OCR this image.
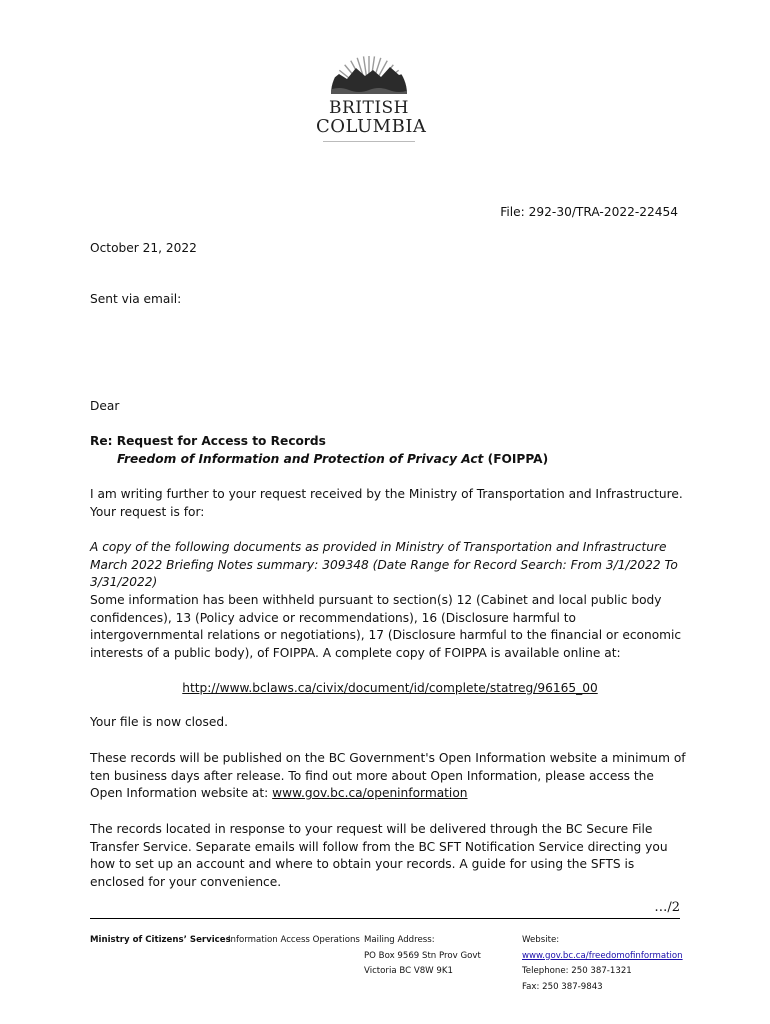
BRITISH
COLUMBIA
File: 292-30/TRA-2022-22454
October 21, 2022
Sent via email:
Dear
Re: Request for Access to Records
Freedom of Information and Protection of Privacy Act (FOIPPA)
I am writing further to your request received by the Ministry of Transportation and Infrastructure. Your request is for:
A copy of the following documents as provided in Ministry of Transportation and Infrastructure March 2022 Briefing Notes summary: 309348 (Date Range for Record Search: From 3/1/2022 To 3/31/2022)
Some information has been withheld pursuant to section(s) 12 (Cabinet and local public body confidences), 13 (Policy advice or recommendations), 16 (Disclosure harmful to intergovernmental relations or negotiations), 17 (Disclosure harmful to the financial or economic interests of a public body), of FOIPPA. A complete copy of FOIPPA is available online at:
http://www.bclaws.ca/civix/document/id/complete/statreg/96165_00
Your file is now closed.
These records will be published on the BC Government's Open Information website a minimum of ten business days after release. To find out more about Open Information, please access the Open Information website at: www.gov.bc.ca/openinformation
The records located in response to your request will be delivered through the BC Secure File Transfer Service. Separate emails will follow from the BC SFT Notification Service directing you how to set up an account and where to obtain your records. A guide for using the SFTS is enclosed for your convenience.
…/2
Ministry of Citizens’ Services
Information Access Operations Mailing Address:
PO Box 9569 Stn Prov Govt
Victoria BC V8W 9K1
Website:
www.gov.bc.ca/freedomofinformation
Telephone: 250 387-1321
Fax: 250 387-9843
